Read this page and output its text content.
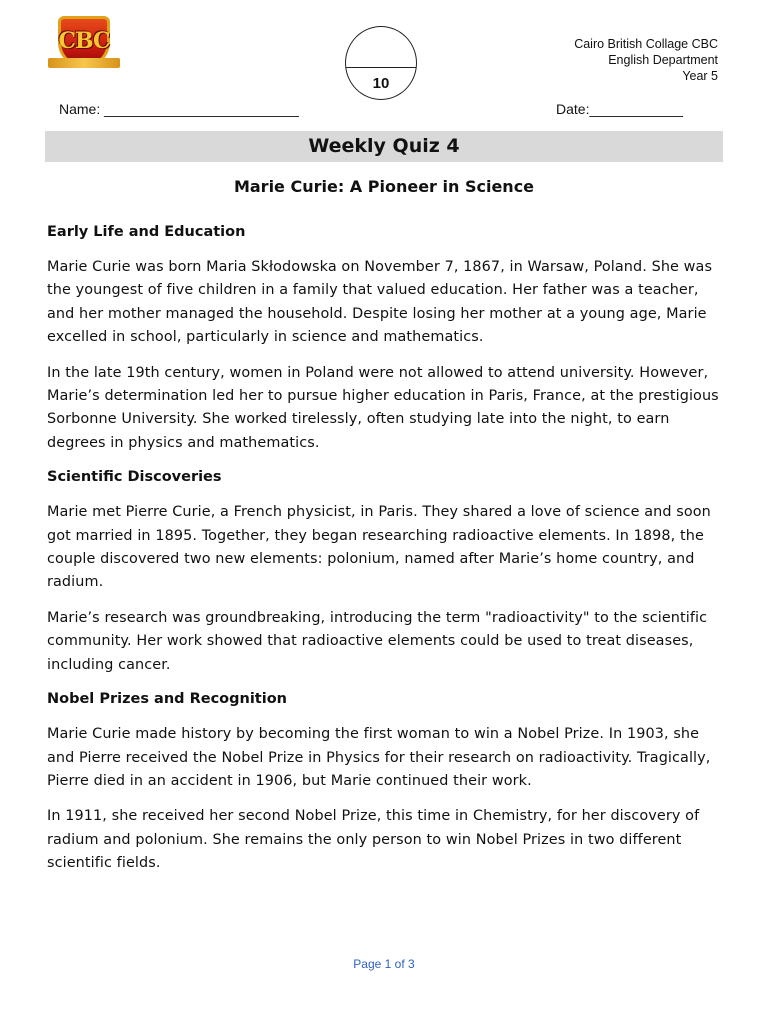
CBC
10
Cairo British Collage CBC
English Department
Year 5
Name: _________________________	Date:____________
Weekly Quiz 4
Marie Curie: A Pioneer in Science
Early Life and Education

Marie Curie was born Maria Skłodowska on November 7, 1867, in Warsaw, Poland. She was the youngest of five children in a family that valued education. Her father was a teacher, and her mother managed the household. Despite losing her mother at a young age, Marie excelled in school, particularly in science and mathematics.

In the late 19th century, women in Poland were not allowed to attend university. However, Marie’s determination led her to pursue higher education in Paris, France, at the prestigious Sorbonne University. She worked tirelessly, often studying late into the night, to earn degrees in physics and mathematics.

Scientific Discoveries

Marie met Pierre Curie, a French physicist, in Paris. They shared a love of science and soon got married in 1895. Together, they began researching radioactive elements. In 1898, the couple discovered two new elements: polonium, named after Marie’s home country, and radium.

Marie’s research was groundbreaking, introducing the term "radioactivity" to the scientific community. Her work showed that radioactive elements could be used to treat diseases, including cancer.

Nobel Prizes and Recognition

Marie Curie made history by becoming the first woman to win a Nobel Prize. In 1903, she and Pierre received the Nobel Prize in Physics for their research on radioactivity. Tragically, Pierre died in an accident in 1906, but Marie continued their work.

In 1911, she received her second Nobel Prize, this time in Chemistry, for her discovery of radium and polonium. She remains the only person to win Nobel Prizes in two different scientific fields.

Page 1 of 3
